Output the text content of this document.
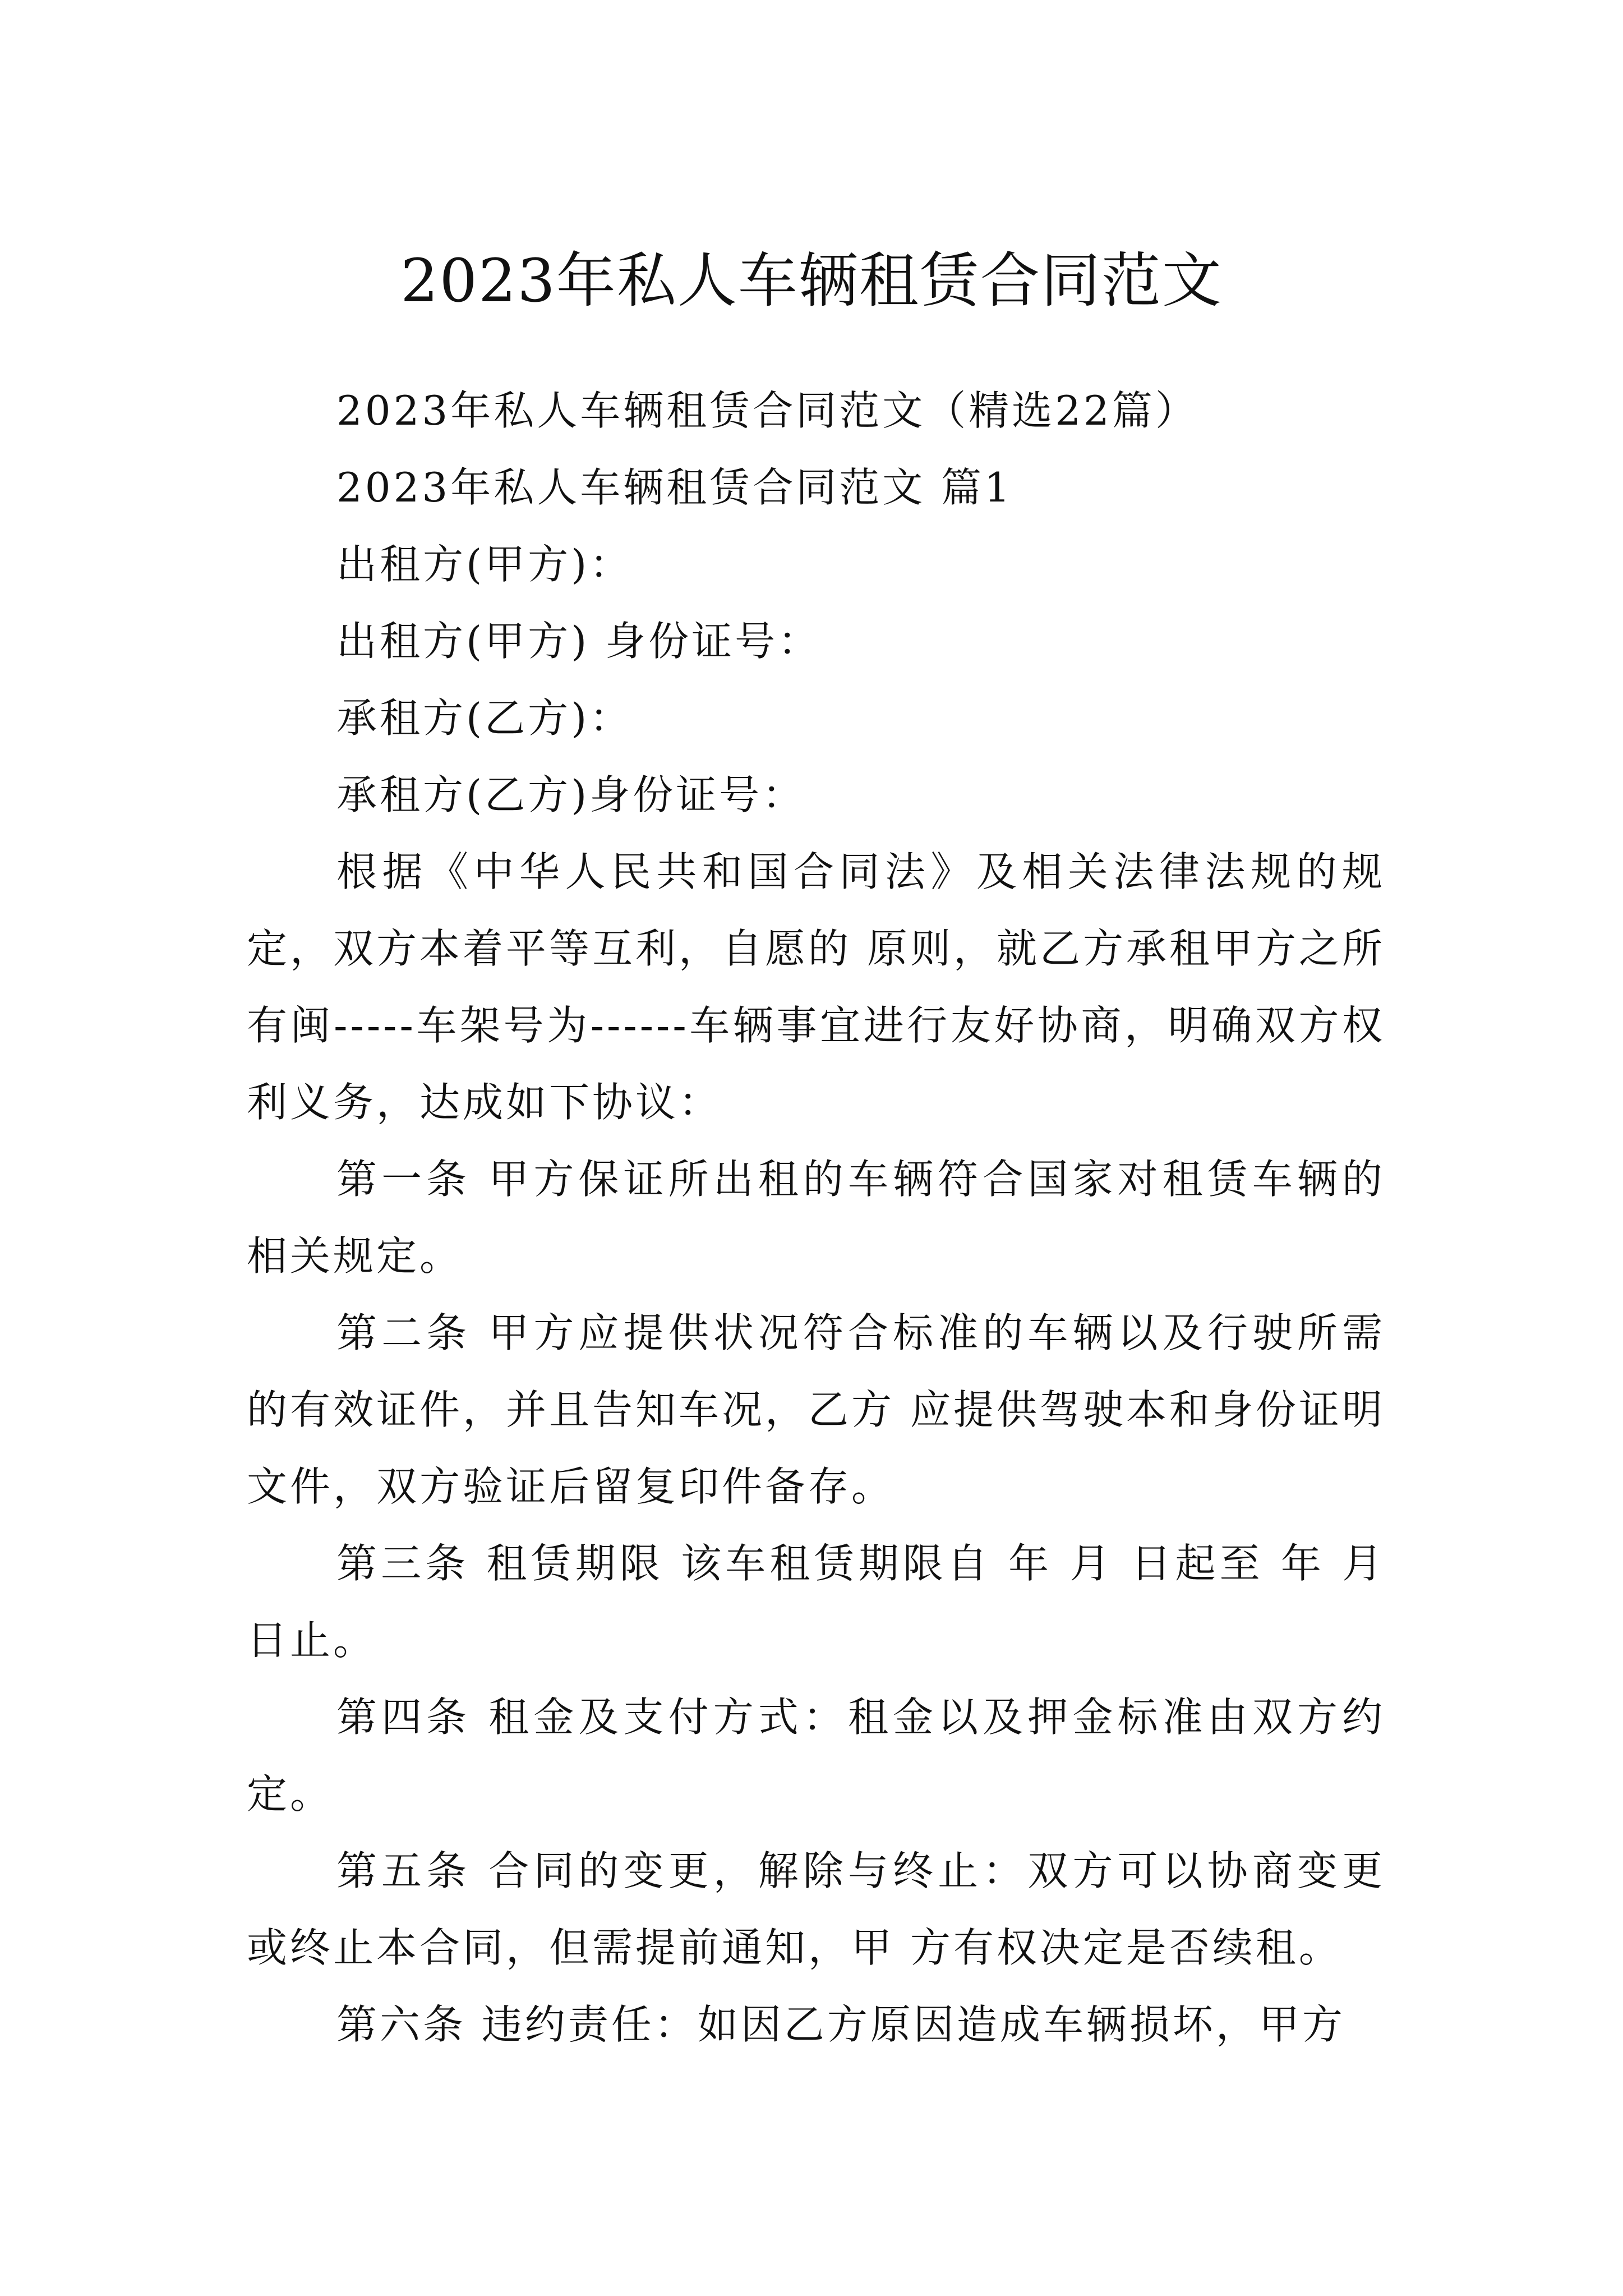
2023年私人车辆租赁合同范文

2023年私人车辆租赁合同范文（精选22篇）

2023年私人车辆租赁合同范文 篇1

出租方(甲方)：

出租方(甲方) 身份证号：

承租方(乙方)：

承租方(乙方)身份证号：

根据《中华人民共和国合同法》及相关法律法规的规定，双方本着平等互利，自愿的 原则，就乙方承租甲方之所有闽-----车架号为------车辆事宜进行友好协商，明确双方权利义务，达成如下协议：

第一条 甲方保证所出租的车辆符合国家对租赁车辆的相关规定。

第二条 甲方应提供状况符合标准的车辆以及行驶所需的有效证件，并且告知车况，乙方 应提供驾驶本和身份证明文件，双方验证后留复印件备存。

第三条 租赁期限 该车租赁期限自 年 月 日起至 年 月 日止。

第四条 租金及支付方式：租金以及押金标准由双方约定。

第五条 合同的变更，解除与终止：双方可以协商变更或终止本合同，但需提前通知，甲 方有权决定是否续租。

第六条 违约责任：如因乙方原因造成车辆损坏，甲方
